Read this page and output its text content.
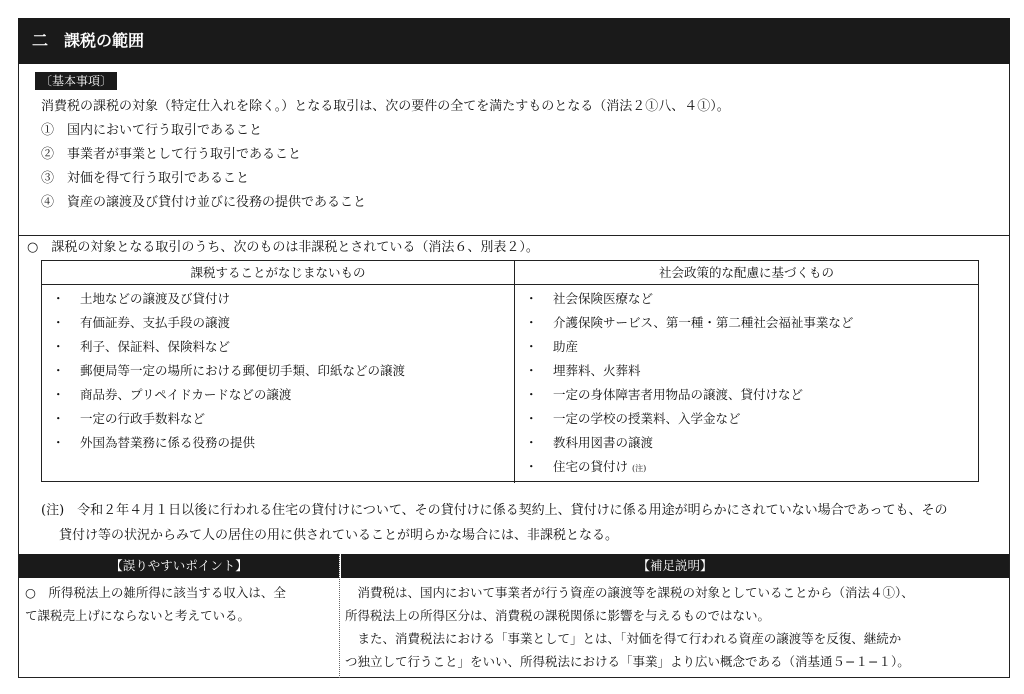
二　課税の範囲
〔基本事項〕
消費税の課税の対象（特定仕入れを除く。）となる取引は、次の要件の全てを満たすものとなる（消法２①八、４①）。
①　国内において行う取引であること
②　事業者が事業として行う取引であること
③　対価を得て行う取引であること
④　資産の譲渡及び貸付け並びに役務の提供であること
○　課税の対象となる取引のうち、次のものは非課税とされている（消法６、別表２）。
課税することがなじまないもの	社会政策的な配慮に基づくもの
・ 土地などの譲渡及び貸付け
・ 有価証券、支払手段の譲渡
・ 利子、保証料、保険料など
・ 郵便局等一定の場所における郵便切手類、印紙などの譲渡
・ 商品券、プリペイドカードなどの譲渡
・ 一定の行政手数料など
・ 外国為替業務に係る役務の提供
・ 社会保険医療など
・ 介護保険サービス、第一種・第二種社会福祉事業など
・ 助産
・ 埋葬料、火葬料
・ 一定の身体障害者用物品の譲渡、貸付けなど
・ 一定の学校の授業料、入学金など
・ 教科用図書の譲渡
・ 住宅の貸付け (注)
(注)　令和２年４月１日以後に行われる住宅の貸付けについて、その貸付けに係る契約上、貸付けに係る用途が明らかにされていない場合であっても、その
貸付け等の状況からみて人の居住の用に供されていることが明らかな場合には、非課税となる。
【誤りやすいポイント】	【補足説明】
○　所得税法上の雑所得に該当する収入は、全
て課税売上げにならないと考えている。
　消費税は、国内において事業者が行う資産の譲渡等を課税の対象としていることから（消法４①）、
所得税法上の所得区分は、消費税の課税関係に影響を与えるものではない。
　また、消費税法における「事業として」とは、「対価を得て行われる資産の譲渡等を反復、継続か
つ独立して行うこと」をいい、所得税法における「事業」より広い概念である（消基通５−１−１）。
